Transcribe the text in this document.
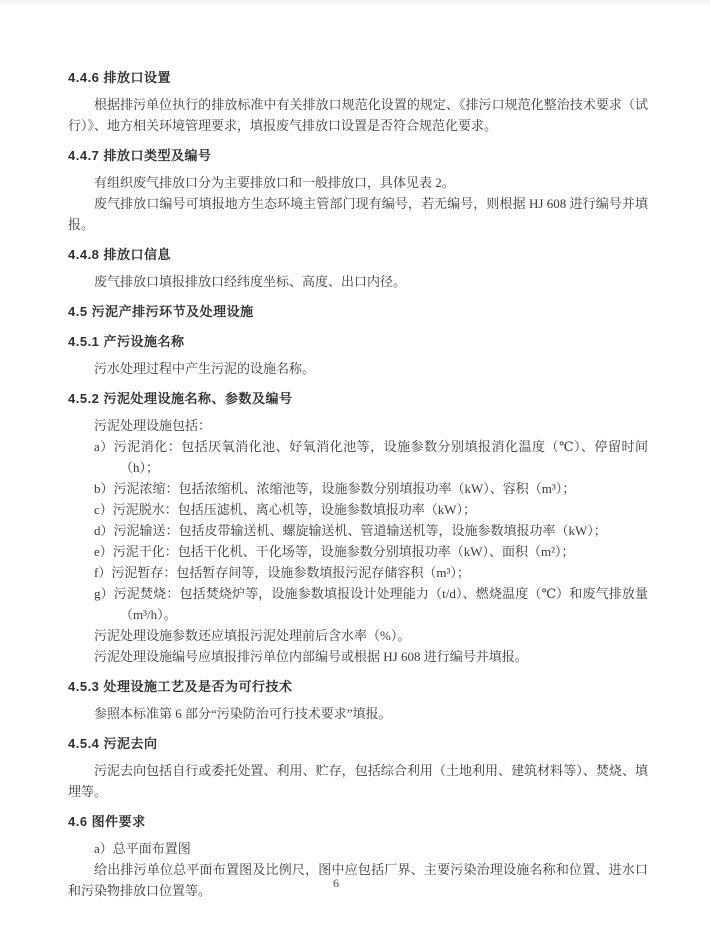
4.4.6 排放口设置
根据排污单位执行的排放标准中有关排放口规范化设置的规定、《排污口规范化整治技术要求（试行）》、地方相关环境管理要求，填报废气排放口设置是否符合规范化要求。
4.4.7 排放口类型及编号
有组织废气排放口分为主要排放口和一般排放口，具体见表 2。
废气排放口编号可填报地方生态环境主管部门现有编号，若无编号，则根据 HJ 608 进行编号并填报。
4.4.8 排放口信息
废气排放口填报排放口经纬度坐标、高度、出口内径。
4.5 污泥产排污环节及处理设施
4.5.1 产污设施名称
污水处理过程中产生污泥的设施名称。
4.5.2 污泥处理设施名称、参数及编号
污泥处理设施包括：
a）污泥消化：包括厌氧消化池、好氧消化池等，设施参数分别填报消化温度（℃）、停留时间（h）；
b）污泥浓缩：包括浓缩机、浓缩池等，设施参数分别填报功率（kW）、容积（m³）；
c）污泥脱水：包括压滤机、离心机等，设施参数填报功率（kW）；
d）污泥输送：包括皮带输送机、螺旋输送机、管道输送机等，设施参数填报功率（kW）；
e）污泥干化：包括干化机、干化场等，设施参数分别填报功率（kW）、面积（m²）；
f）污泥暂存：包括暂存间等，设施参数填报污泥存储容积（m³）；
g）污泥焚烧：包括焚烧炉等，设施参数填报设计处理能力（t/d）、燃烧温度（℃）和废气排放量（m³/h）。
污泥处理设施参数还应填报污泥处理前后含水率（%）。
污泥处理设施编号应填报排污单位内部编号或根据 HJ 608 进行编号并填报。
4.5.3 处理设施工艺及是否为可行技术
参照本标准第 6 部分“污染防治可行技术要求”填报。
4.5.4 污泥去向
污泥去向包括自行或委托处置、利用、贮存，包括综合利用（土地利用、建筑材料等）、焚烧、填埋等。
4.6 图件要求
a）总平面布置图
给出排污单位总平面布置图及比例尺，图中应包括厂界、主要污染治理设施名称和位置、进水口和污染物排放口位置等。	6
